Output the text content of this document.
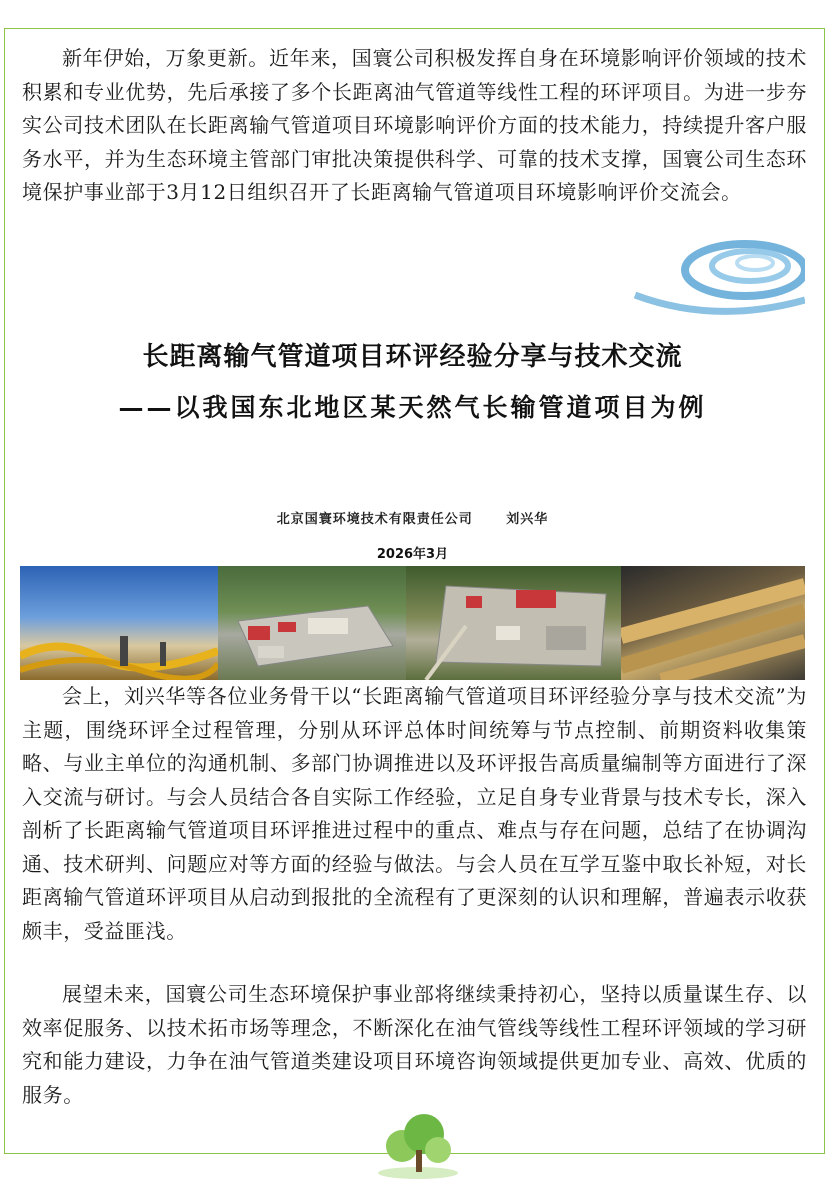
新年伊始，万象更新。近年来，国寰公司积极发挥自身在环境影响评价领域的技术积累和专业优势，先后承接了多个长距离油气管道等线性工程的环评项目。为进一步夯实公司技术团队在长距离输气管道项目环境影响评价方面的技术能力，持续提升客户服务水平，并为生态环境主管部门审批决策提供科学、可靠的技术支撑，国寰公司生态环境保护事业部于3月12日组织召开了长距离输气管道项目环境影响评价交流会。

长距离输气管道项目环评经验分享与技术交流
——以我国东北地区某天然气长输管道项目为例
北京国寰环境技术有限责任公司	刘兴华
2026年3月

会上，刘兴华等各位业务骨干以“长距离输气管道项目环评经验分享与技术交流”为主题，围绕环评全过程管理，分别从环评总体时间统筹与节点控制、前期资料收集策略、与业主单位的沟通机制、多部门协调推进以及环评报告高质量编制等方面进行了深入交流与研讨。与会人员结合各自实际工作经验，立足自身专业背景与技术专长，深入剖析了长距离输气管道项目环评推进过程中的重点、难点与存在问题，总结了在协调沟通、技术研判、问题应对等方面的经验与做法。与会人员在互学互鉴中取长补短，对长距离输气管道环评项目从启动到报批的全流程有了更深刻的认识和理解，普遍表示收获颇丰，受益匪浅。

展望未来，国寰公司生态环境保护事业部将继续秉持初心，坚持以质量谋生存、以效率促服务、以技术拓市场等理念，不断深化在油气管线等线性工程环评领域的学习研究和能力建设，力争在油气管道类建设项目环境咨询领域提供更加专业、高效、优质的服务。
